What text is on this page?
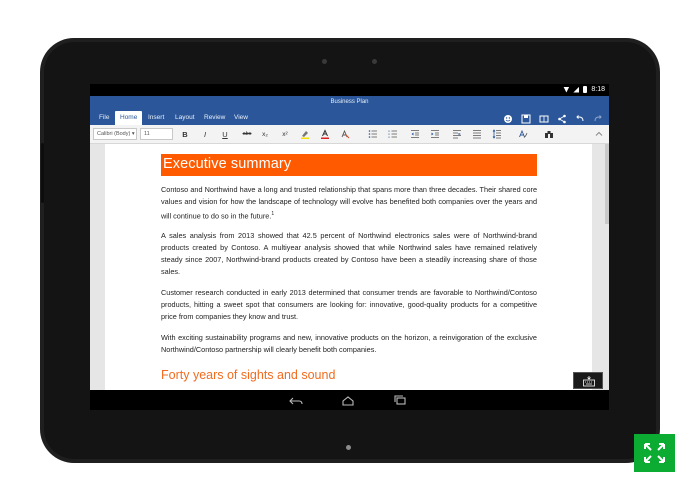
8:18
Business Plan
File	Home	Insert	Layout	Review	View
Calibri (Body) ▾	11	B	I	U	abc	x₂	x²
Executive summary
Contoso and Northwind have a long and trusted relationship that spans more than three decades. Their shared core values and vision for how the landscape of technology will evolve has benefited both companies over the years and will continue to do so in the future.$^1$
A sales analysis from 2013 showed that 42.5 percent of Northwind electronics sales were of Northwind-brand products created by Contoso. A multiyear analysis showed that while Northwind sales have remained relatively steady since 2007, Northwind-brand products created by Contoso have been a steadily increasing share of those sales.
Customer research conducted in early 2013 determined that consumer trends are favorable to Northwind/Contoso products, hitting a sweet spot that consumers are looking for: innovative, good-quality products for a competitive price from companies they know and trust.
With exciting sustainability programs and new, innovative products on the horizon, a reinvigoration of the exclusive Northwind/Contoso partnership will clearly benefit both companies.
Forty years of sights and sound
